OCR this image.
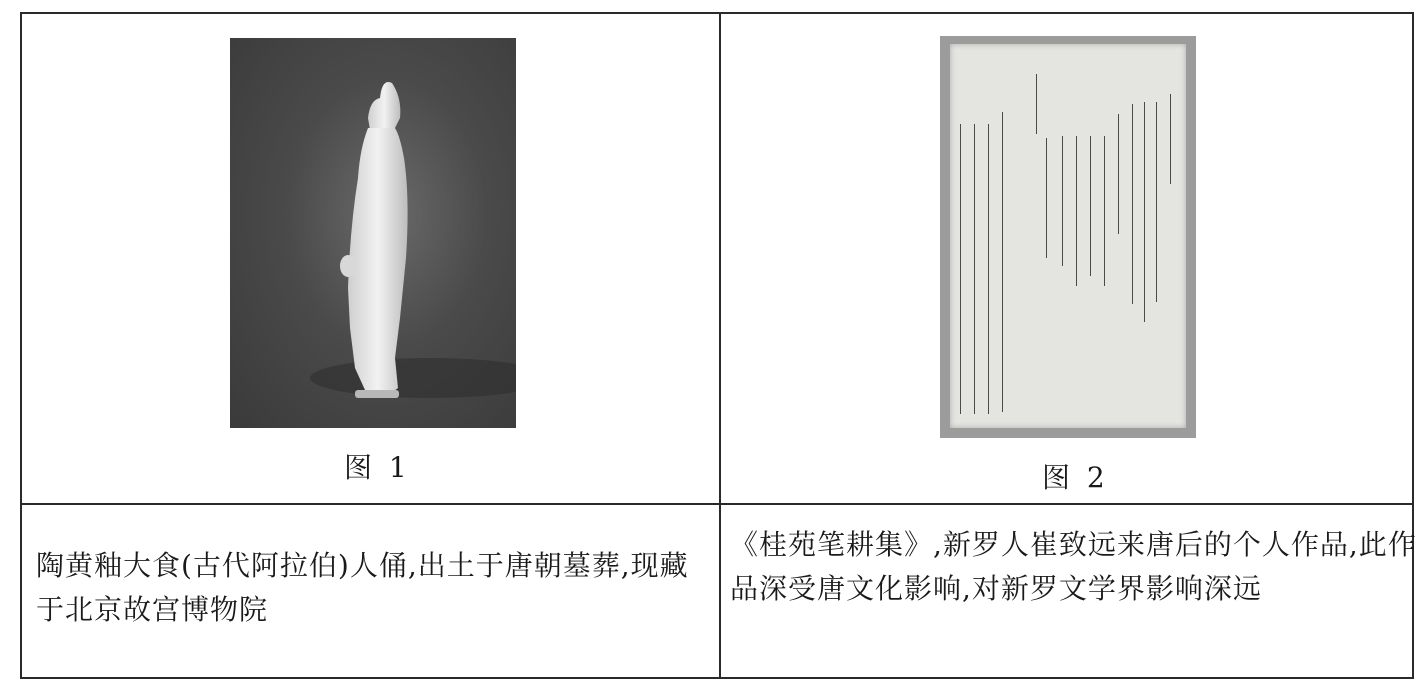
图 1	图 2
陶黄釉大食(古代阿拉伯)人俑,出土于唐朝墓葬,现藏于北京故宫博物院
《桂苑笔耕集》,新罗人崔致远来唐后的个人作品,此作品深受唐文化影响,对新罗文学界影响深远
